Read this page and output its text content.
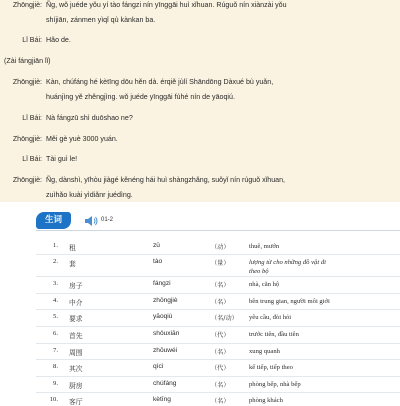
Zhōngjiè: Ñg, wǒ juéde yǒu yí tào fángzi nín yīnggāi huì xǐhuan. Rúguǒ nín xiànzài yǒu
shíjiān, zánmen yìqǐ qù kànkan ba.
Lǐ Bái: Hǎo de.
(Zài fángjiān lǐ)
Zhōngjiè: Kàn, chúfáng hé kètīng dōu hěn dà. érqiě jùlí Shāndōng Dàxué bù yuǎn,
huánjìng yě zhěngjìng. wǒ juéde yīnggāi fúhé nín de yāoqiú.
Lǐ Bái: Nà fángzū shì duōshao ne?
Zhōngjiè: Měi gè yuè 3000 yuán.
Lǐ Bái: Tài guì le!
Zhōngjiè: Ñg, dànshì, yīhòu jiàgé kěnéng hái huì shàngzhǎng, suǒyǐ nín rúguǒ xǐhuan,
zuìhǎo kuài yìdiǎnr juédìng.
生词	01-2
1. 租	zū	（动）	thuê, mướn
2. 套	tào	（量）	lượng từ cho những đồ vật đi
theo bộ
3. 房子	fángzi	（名）	nhà, căn hộ
4. 中介	zhōngjiè	（名）	bên trung gian, người môi giới
5. 要求	yāoqiú	（名/动） yêu cầu, đòi hỏi
6. 首先	shǒuxiān	（代）	trước tiên, đầu tiên
7. 周围	zhōuwéi	（名）	xung quanh
8. 其次	qícì	（代）	kế tiếp, tiếp theo
9. 厨房	chúfáng	（名）	phòng bếp, nhà bếp
10. 客厅	kètīng	（名）	phòng khách
